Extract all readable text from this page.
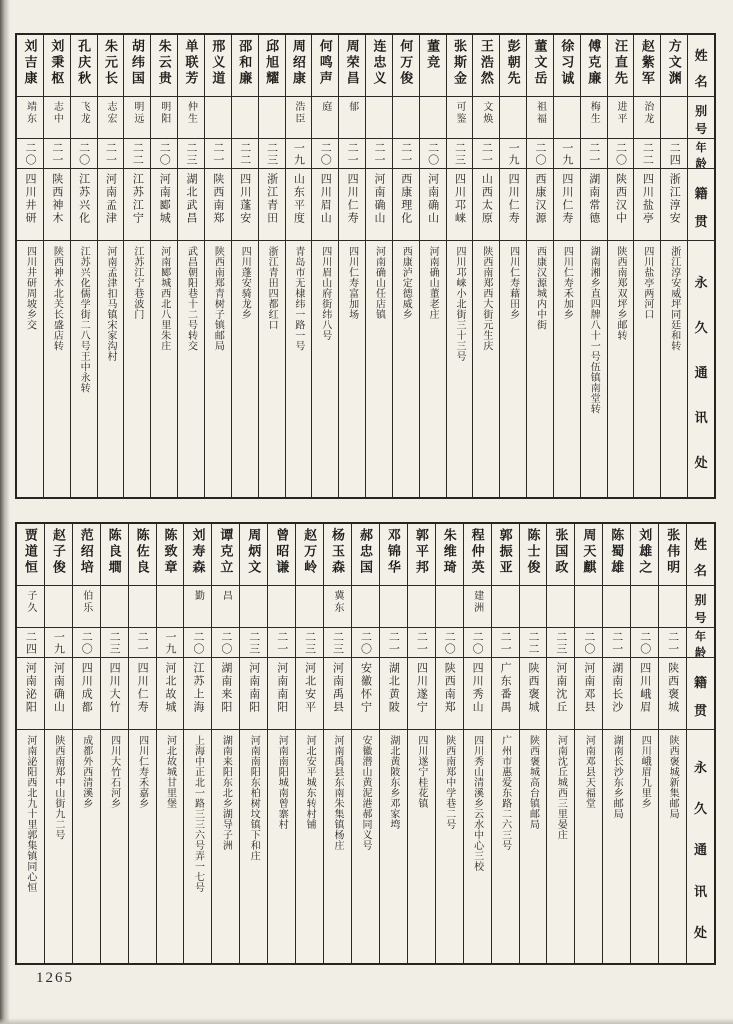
姓
名
别
号
年
龄
籍
贯
永
久
通
讯
处
方文渊
二四
浙江淳安
浙江淳安威坪同廷和转
赵紫军
治龙
二二
四川盐亭
四川盐亭两河口
汪直先
进平
二〇
陕西汉中
陕西南郑双坪乡邮转
傅克廉
梅生
二一
湖南常德
湖南湘乡直四牌八十一号伍镇南堂转
徐习诚
一九
四川仁寿
四川仁寿禾加乡
董文岳
祖福
二〇
西康汉源
西康汉源城内中街
彭朝先
一九
四川仁寿
四川仁寿藉田乡
王浩然
文焕
二一
山西太原
陕西南郑西大街元生庆
张斯金
可鉴
二三
四川邛崃
四川邛崃小北街三十三号
董竞
二〇
河南确山
河南确山董老庄
何万俊
二一
西康理化
西康泸定德威乡
连忠义
二一
河南确山
河南确山任店镇
周荣昌
郁
二一
四川仁寿
四川仁寿富加场
何鸣声
庭
二〇
四川眉山
四川眉山府街纬八号
周绍康
浩臣
一九
山东平度
青岛市无棣纬一路一号
邱旭耀
二三
浙江青田
浙江青田四都红口
邵和廉
二二
四川蓬安
四川蓬安骑龙乡
邢义道
二一
陕西南郑
陕西南郑青树子镇邮局
单联芳
仲生
二三
湖北武昌
武昌朝阳巷十二号转交
朱云贵
明阳
二〇
河南郾城
河南郾城西北八里朱庄
胡纬国
明远
二二
江苏江宁
江苏江宁巷波门
朱元长
志宏
二一
河南孟津
河南孟津扣马镇宋家沟村
孔庆秋
飞龙
二〇
江苏兴化
江苏兴化儒学街二八号王中永转
刘秉枢
志中
二一
陕西神木
陕西神木北关长盛店转
刘吉康
靖东
二〇
四川井研
四川井研周坡乡交
姓
名
别
号
年
龄
籍
贯
永
久
通
讯
处
张伟明
二一
陕西褒城
陕西褒城新集邮局
刘雄之
二〇
四川峨眉
四川峨眉九里乡
陈蜀雄
二一
湖南长沙
湖南长沙东乡邮局
周天麒
二〇
河南邓县
河南邓县天福堂
张国政
二三
河南沈丘
河南沈丘城西三里晏庄
陈士俊
二二
陕西褒城
陕西褒城高台镇邮局
郭振亚
二一
广东番禺
广州市惠爱东路二六三号
程仲英
建洲
二〇
四川秀山
四川秀山清溪乡云水中心三校
朱维琦
二〇
陕西南郑
陕西南郑中学巷二号
郭平邦
二一
四川遂宁
四川遂宁桂花镇
邓锦华
二一
湖北黄陂
湖北黄陂东乡邓家塆
郝忠国
二〇
安徽怀宁
安徽潜山黄泥港郝同义号
杨玉森
冀东
二三
河南禹县
河南禹县东南朱集镇杨庄
赵万岭
二三
河北安平
河北安平城东转村铺
曾昭谦
二一
河南南阳
河南南阳城南曾寨村
周炳文
二三
河南南阳
河南南阳东柏树坟镇下和庄
谭克立
昌
二〇
湖南来阳
湖南来阳东北乡湖导子洲
刘寿森
勤
二〇
江苏上海
上海中正北一路三三六号弄一七号
陈致章
一九
河北故城
河北故城甘里堡
陈佐良
二一
四川仁寿
四川仁寿禾嘉乡
陈良墹
二三
四川大竹
四川大竹石河乡
范绍培
伯乐
二〇
四川成都
成都外西清溪乡
赵子俊
一九
河南确山
陕西南郑中山街九二号
贾道恒
子久
二四
河南泌阳
河南泌阳西北九十里郭集镇同心恒
1265
